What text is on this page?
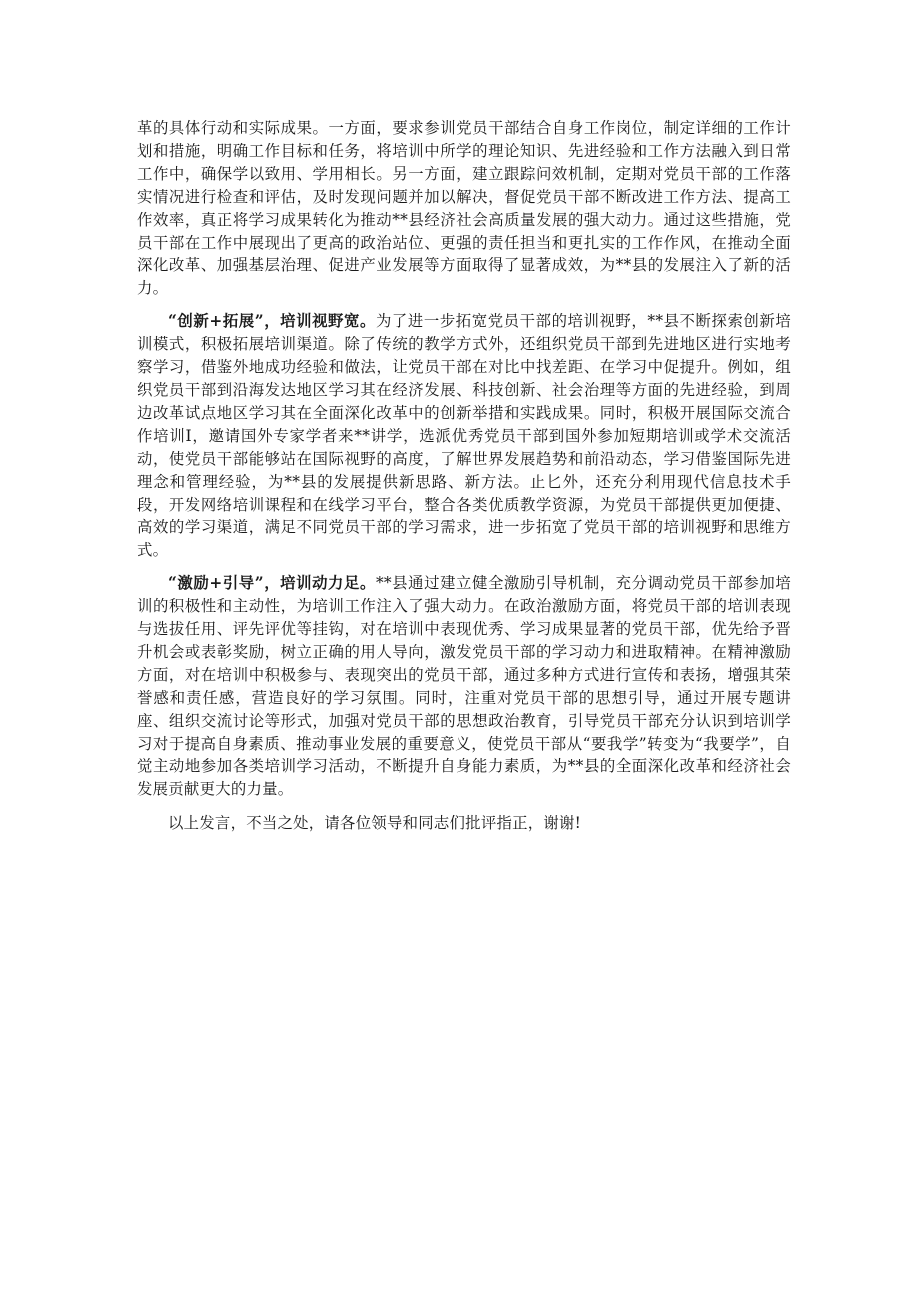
革的具体行动和实际成果。一方面，要求参训党员干部结合自身工作岗位，制定详细的工作计划和措施，明确工作目标和任务，将培训中所学的理论知识、先进经验和工作方法融入到日常工作中，确保学以致用、学用相长。另一方面，建立跟踪问效机制，定期对党员干部的工作落实情况进行检查和评估，及时发现问题并加以解决，督促党员干部不断改进工作方法、提高工作效率，真正将学习成果转化为推动**县经济社会高质量发展的强大动力。通过这些措施，党员干部在工作中展现出了更高的政治站位、更强的责任担当和更扎实的工作作风，在推动全面深化改革、加强基层治理、促进产业发展等方面取得了显著成效，为**县的发展注入了新的活力。

“创新+拓展”，培训视野宽。为了进一步拓宽党员干部的培训视野，**县不断探索创新培训模式，积极拓展培训渠道。除了传统的教学方式外，还组织党员干部到先进地区进行实地考察学习，借鉴外地成功经验和做法，让党员干部在对比中找差距、在学习中促提升。例如，组织党员干部到沿海发达地区学习其在经济发展、科技创新、社会治理等方面的先进经验，到周边改革试点地区学习其在全面深化改革中的创新举措和实践成果。同时，积极开展国际交流合作培训I，邀请国外专家学者来**讲学，选派优秀党员干部到国外参加短期培训或学术交流活动，使党员干部能够站在国际视野的高度，了解世界发展趋势和前沿动态，学习借鉴国际先进理念和管理经验，为**县的发展提供新思路、新方法。止匕外，还充分利用现代信息技术手段，开发网络培训课程和在线学习平台，整合各类优质教学资源，为党员干部提供更加便捷、高效的学习渠道，满足不同党员干部的学习需求，进一步拓宽了党员干部的培训视野和思维方式。

“激励+引导”，培训动力足。**县通过建立健全激励引导机制，充分调动党员干部参加培训的积极性和主动性，为培训工作注入了强大动力。在政治激励方面，将党员干部的培训表现与选拔任用、评先评优等挂钩，对在培训中表现优秀、学习成果显著的党员干部，优先给予晋升机会或表彰奖励，树立正确的用人导向，激发党员干部的学习动力和进取精神。在精神激励方面，对在培训中积极参与、表现突出的党员干部，通过多种方式进行宣传和表扬，增强其荣誉感和责任感，营造良好的学习氛围。同时，注重对党员干部的思想引导，通过开展专题讲座、组织交流讨论等形式，加强对党员干部的思想政治教育，引导党员干部充分认识到培训学习对于提高自身素质、推动事业发展的重要意义，使党员干部从“要我学”转变为“我要学”，自觉主动地参加各类培训学习活动，不断提升自身能力素质，为**县的全面深化改革和经济社会发展贡献更大的力量。

以上发言，不当之处，请各位领导和同志们批评指正，谢谢!
